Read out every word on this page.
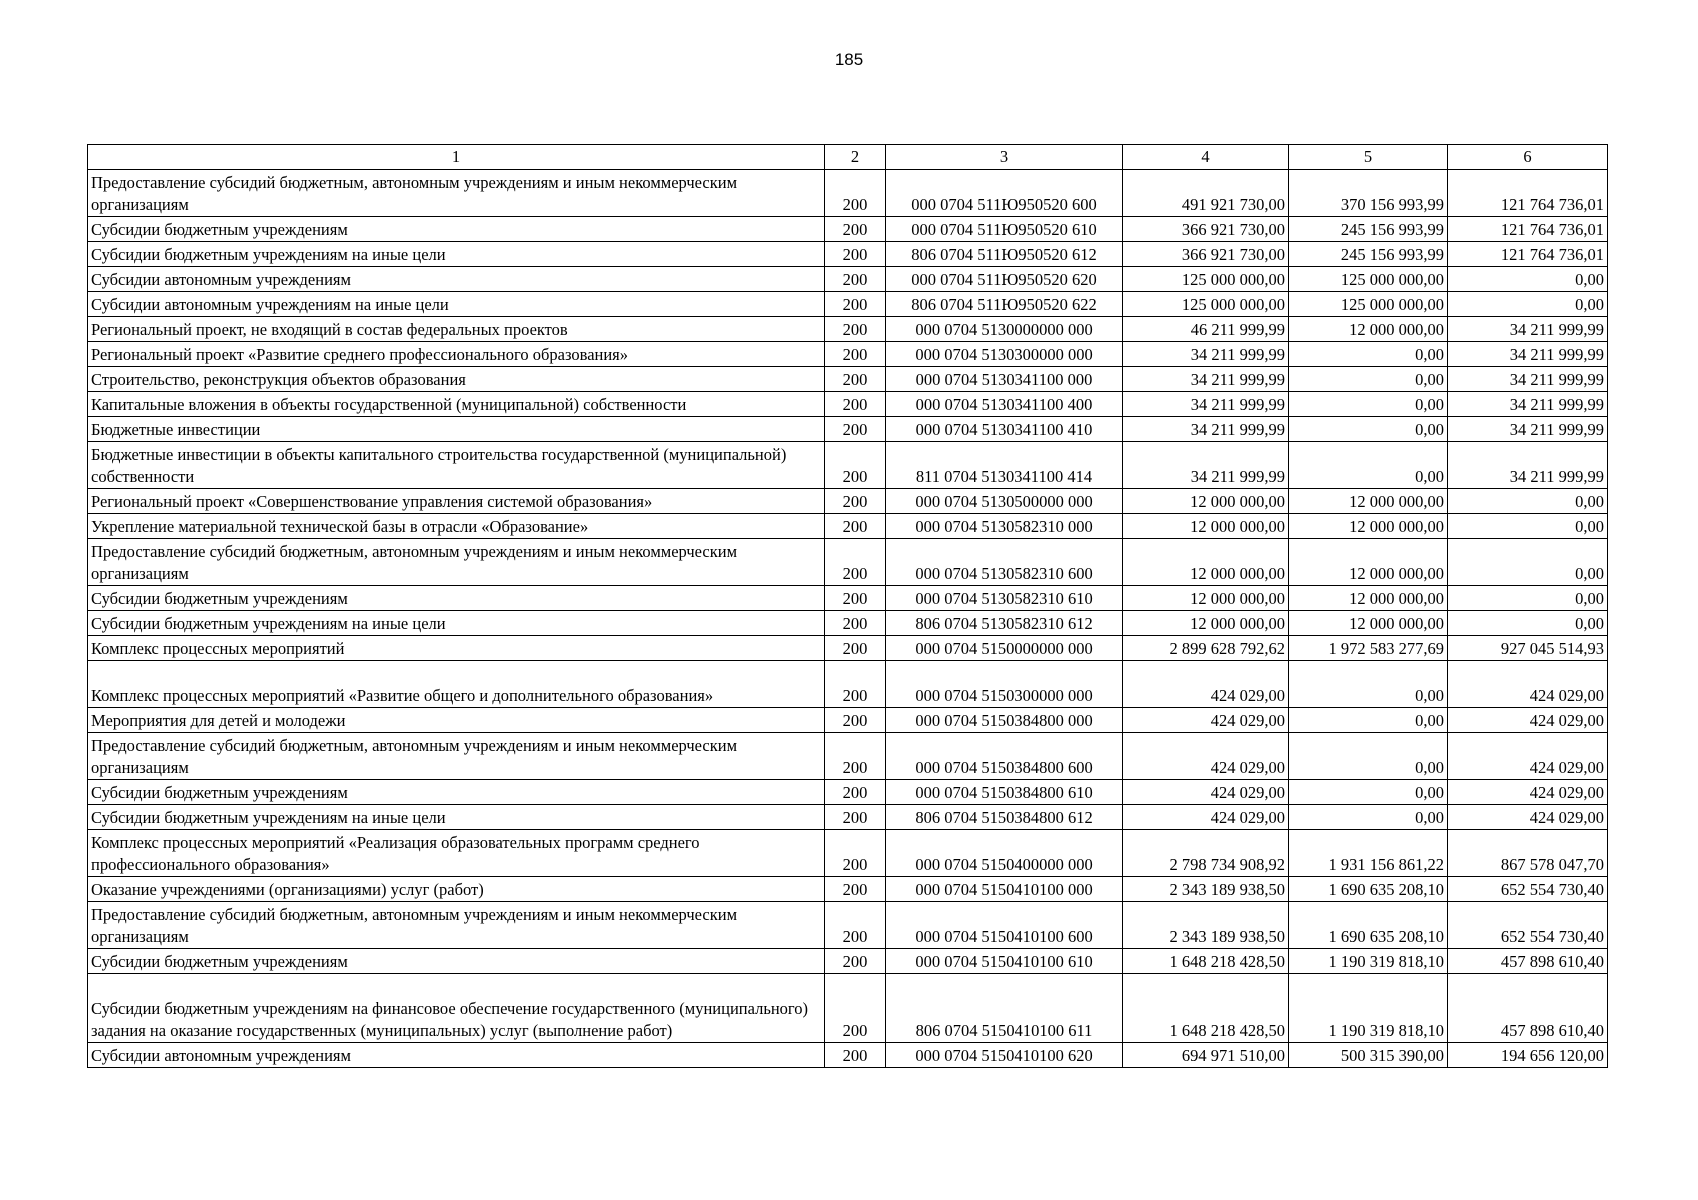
185
1	2	3	4	5	6
Предоставление субсидий бюджетным, автономным учреждениям и иным некоммерческим организациям	200	000 0704 511Ю950520 600	491 921 730,00	370 156 993,99	121 764 736,01
Субсидии бюджетным учреждениям	200	000 0704 511Ю950520 610	366 921 730,00	245 156 993,99	121 764 736,01
Субсидии бюджетным учреждениям на иные цели	200	806 0704 511Ю950520 612	366 921 730,00	245 156 993,99	121 764 736,01
Субсидии автономным учреждениям	200	000 0704 511Ю950520 620	125 000 000,00	125 000 000,00	0,00
Субсидии автономным учреждениям на иные цели	200	806 0704 511Ю950520 622	125 000 000,00	125 000 000,00	0,00
Региональный проект, не входящий в состав федеральных проектов	200	000 0704 5130000000 000	46 211 999,99	12 000 000,00	34 211 999,99
Региональный проект «Развитие среднего профессионального образования»	200	000 0704 5130300000 000	34 211 999,99	0,00	34 211 999,99
Строительство, реконструкция объектов образования	200	000 0704 5130341100 000	34 211 999,99	0,00	34 211 999,99
Капитальные вложения в объекты государственной (муниципальной) собственности	200	000 0704 5130341100 400	34 211 999,99	0,00	34 211 999,99
Бюджетные инвестиции	200	000 0704 5130341100 410	34 211 999,99	0,00	34 211 999,99
Бюджетные инвестиции в объекты капитального строительства государственной (муниципальной) собственности	200	811 0704 5130341100 414	34 211 999,99	0,00	34 211 999,99
Региональный проект «Совершенствование управления системой образования»	200	000 0704 5130500000 000	12 000 000,00	12 000 000,00	0,00
Укрепление материальной технической базы в отрасли «Образование»	200	000 0704 5130582310 000	12 000 000,00	12 000 000,00	0,00
Предоставление субсидий бюджетным, автономным учреждениям и иным некоммерческим организациям	200	000 0704 5130582310 600	12 000 000,00	12 000 000,00	0,00
Субсидии бюджетным учреждениям	200	000 0704 5130582310 610	12 000 000,00	12 000 000,00	0,00
Субсидии бюджетным учреждениям на иные цели	200	806 0704 5130582310 612	12 000 000,00	12 000 000,00	0,00
Комплекс процессных мероприятий	200	000 0704 5150000000 000	2 899 628 792,62	1 972 583 277,69	927 045 514,93
Комплекс процессных мероприятий «Развитие общего и дополнительного образования»	200	000 0704 5150300000 000	424 029,00	0,00	424 029,00
Мероприятия для детей и молодежи	200	000 0704 5150384800 000	424 029,00	0,00	424 029,00
Предоставление субсидий бюджетным, автономным учреждениям и иным некоммерческим организациям	200	000 0704 5150384800 600	424 029,00	0,00	424 029,00
Субсидии бюджетным учреждениям	200	000 0704 5150384800 610	424 029,00	0,00	424 029,00
Субсидии бюджетным учреждениям на иные цели	200	806 0704 5150384800 612	424 029,00	0,00	424 029,00
Комплекс процессных мероприятий «Реализация образовательных программ среднего профессионального образования»	200	000 0704 5150400000 000	2 798 734 908,92	1 931 156 861,22	867 578 047,70
Оказание учреждениями (организациями) услуг (работ)	200	000 0704 5150410100 000	2 343 189 938,50	1 690 635 208,10	652 554 730,40
Предоставление субсидий бюджетным, автономным учреждениям и иным некоммерческим организациям	200	000 0704 5150410100 600	2 343 189 938,50	1 690 635 208,10	652 554 730,40
Субсидии бюджетным учреждениям	200	000 0704 5150410100 610	1 648 218 428,50	1 190 319 818,10	457 898 610,40
Субсидии бюджетным учреждениям на финансовое обеспечение государственного (муниципального) задания на оказание государственных (муниципальных) услуг (выполнение работ)	200	806 0704 5150410100 611	1 648 218 428,50	1 190 319 818,10	457 898 610,40
Субсидии автономным учреждениям	200	000 0704 5150410100 620	694 971 510,00	500 315 390,00	194 656 120,00
